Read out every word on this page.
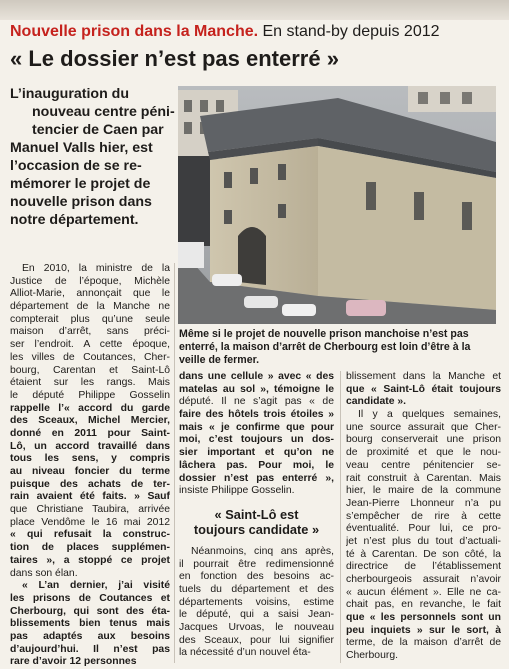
Nouvelle prison dans la Manche. En stand-by depuis 2012
« Le dossier n’est pas enterré »
L’inauguration du
nouveau centre péni-
tencier de Caen par
Manuel Valls hier, est
l’occasion de se re-
mémorer le projet de
nouvelle prison dans
notre département.
Même si le projet de nouvelle prison manchoise n’est pas
enterré, la maison d’arrêt de Cherbourg est loin d’être à la
veille de fermer.
En 2010, la ministre de la
Justice de l’époque, Michèle
Alliot-Marie, annonçait que le
département de la Manche ne
compterait plus qu’une seule
maison d’arrêt, sans préci-
ser l’endroit. A cette époque,
les villes de Coutances, Cher-
bourg, Carentan et Saint-Lô
étaient sur les rangs. Mais
le député Philippe Gosselin
rappelle l’« accord du garde
des Sceaux, Michel Mercier,
donné en 2011 pour Saint-
Lô, un accord travaillé dans
tous les sens, y compris
au niveau foncier du terme
puisque des achats de ter-
rain avaient été faits. » Sauf
que Christiane Taubira, arrivée
place Vendôme le 16 mai 2012
« qui refusait la construc-
tion de places supplémen-
taires », a stoppé ce projet
dans son élan.
« L’an dernier, j’ai visité
les prisons de Coutances et
Cherbourg, qui sont des éta-
blissements bien tenus mais
pas adaptés aux besoins
d’aujourd’hui. Il n’est pas
rare d’avoir 12 personnes
dans une cellule » avec « des
matelas au sol », témoigne le
député. Il ne s’agit pas « de
faire des hôtels trois étoiles »
mais « je confirme que pour
moi, c’est toujours un dos-
sier important et qu’on ne
lâchera pas. Pour moi, le
dossier n’est pas enterré »,
insiste Philippe Gosselin.
« Saint-Lô est
toujours candidate »
Néanmoins, cinq ans après,
il pourrait être redimensionné
en fonction des besoins ac-
tuels du département et des
départements voisins, estime
le député, qui a saisi Jean-
Jacques Urvoas, le nouveau
des Sceaux, pour lui signifier
la nécessité d’un nouvel éta-
blissement dans la Manche et
que « Saint-Lô était toujours
candidate ».
Il y a quelques semaines,
une source assurait que Cher-
bourg conserverait une prison
de proximité et que le nou-
veau centre pénitencier se-
rait construit à Carentan. Mais
hier, le maire de la commune
Jean-Pierre Lhonneur n’a pu
s’empêcher de rire à cette
éventualité. Pour lui, ce pro-
jet n’est plus du tout d’actuali-
té à Carentan. De son côté, la
directrice de l’établissement
cherbourgeois assurait n’avoir
« aucun élément ». Elle ne ca-
chait pas, en revanche, le fait
que « les personnels sont un
peu inquiets » sur le sort, à
terme, de la maison d’arrêt de
Cherbourg.
